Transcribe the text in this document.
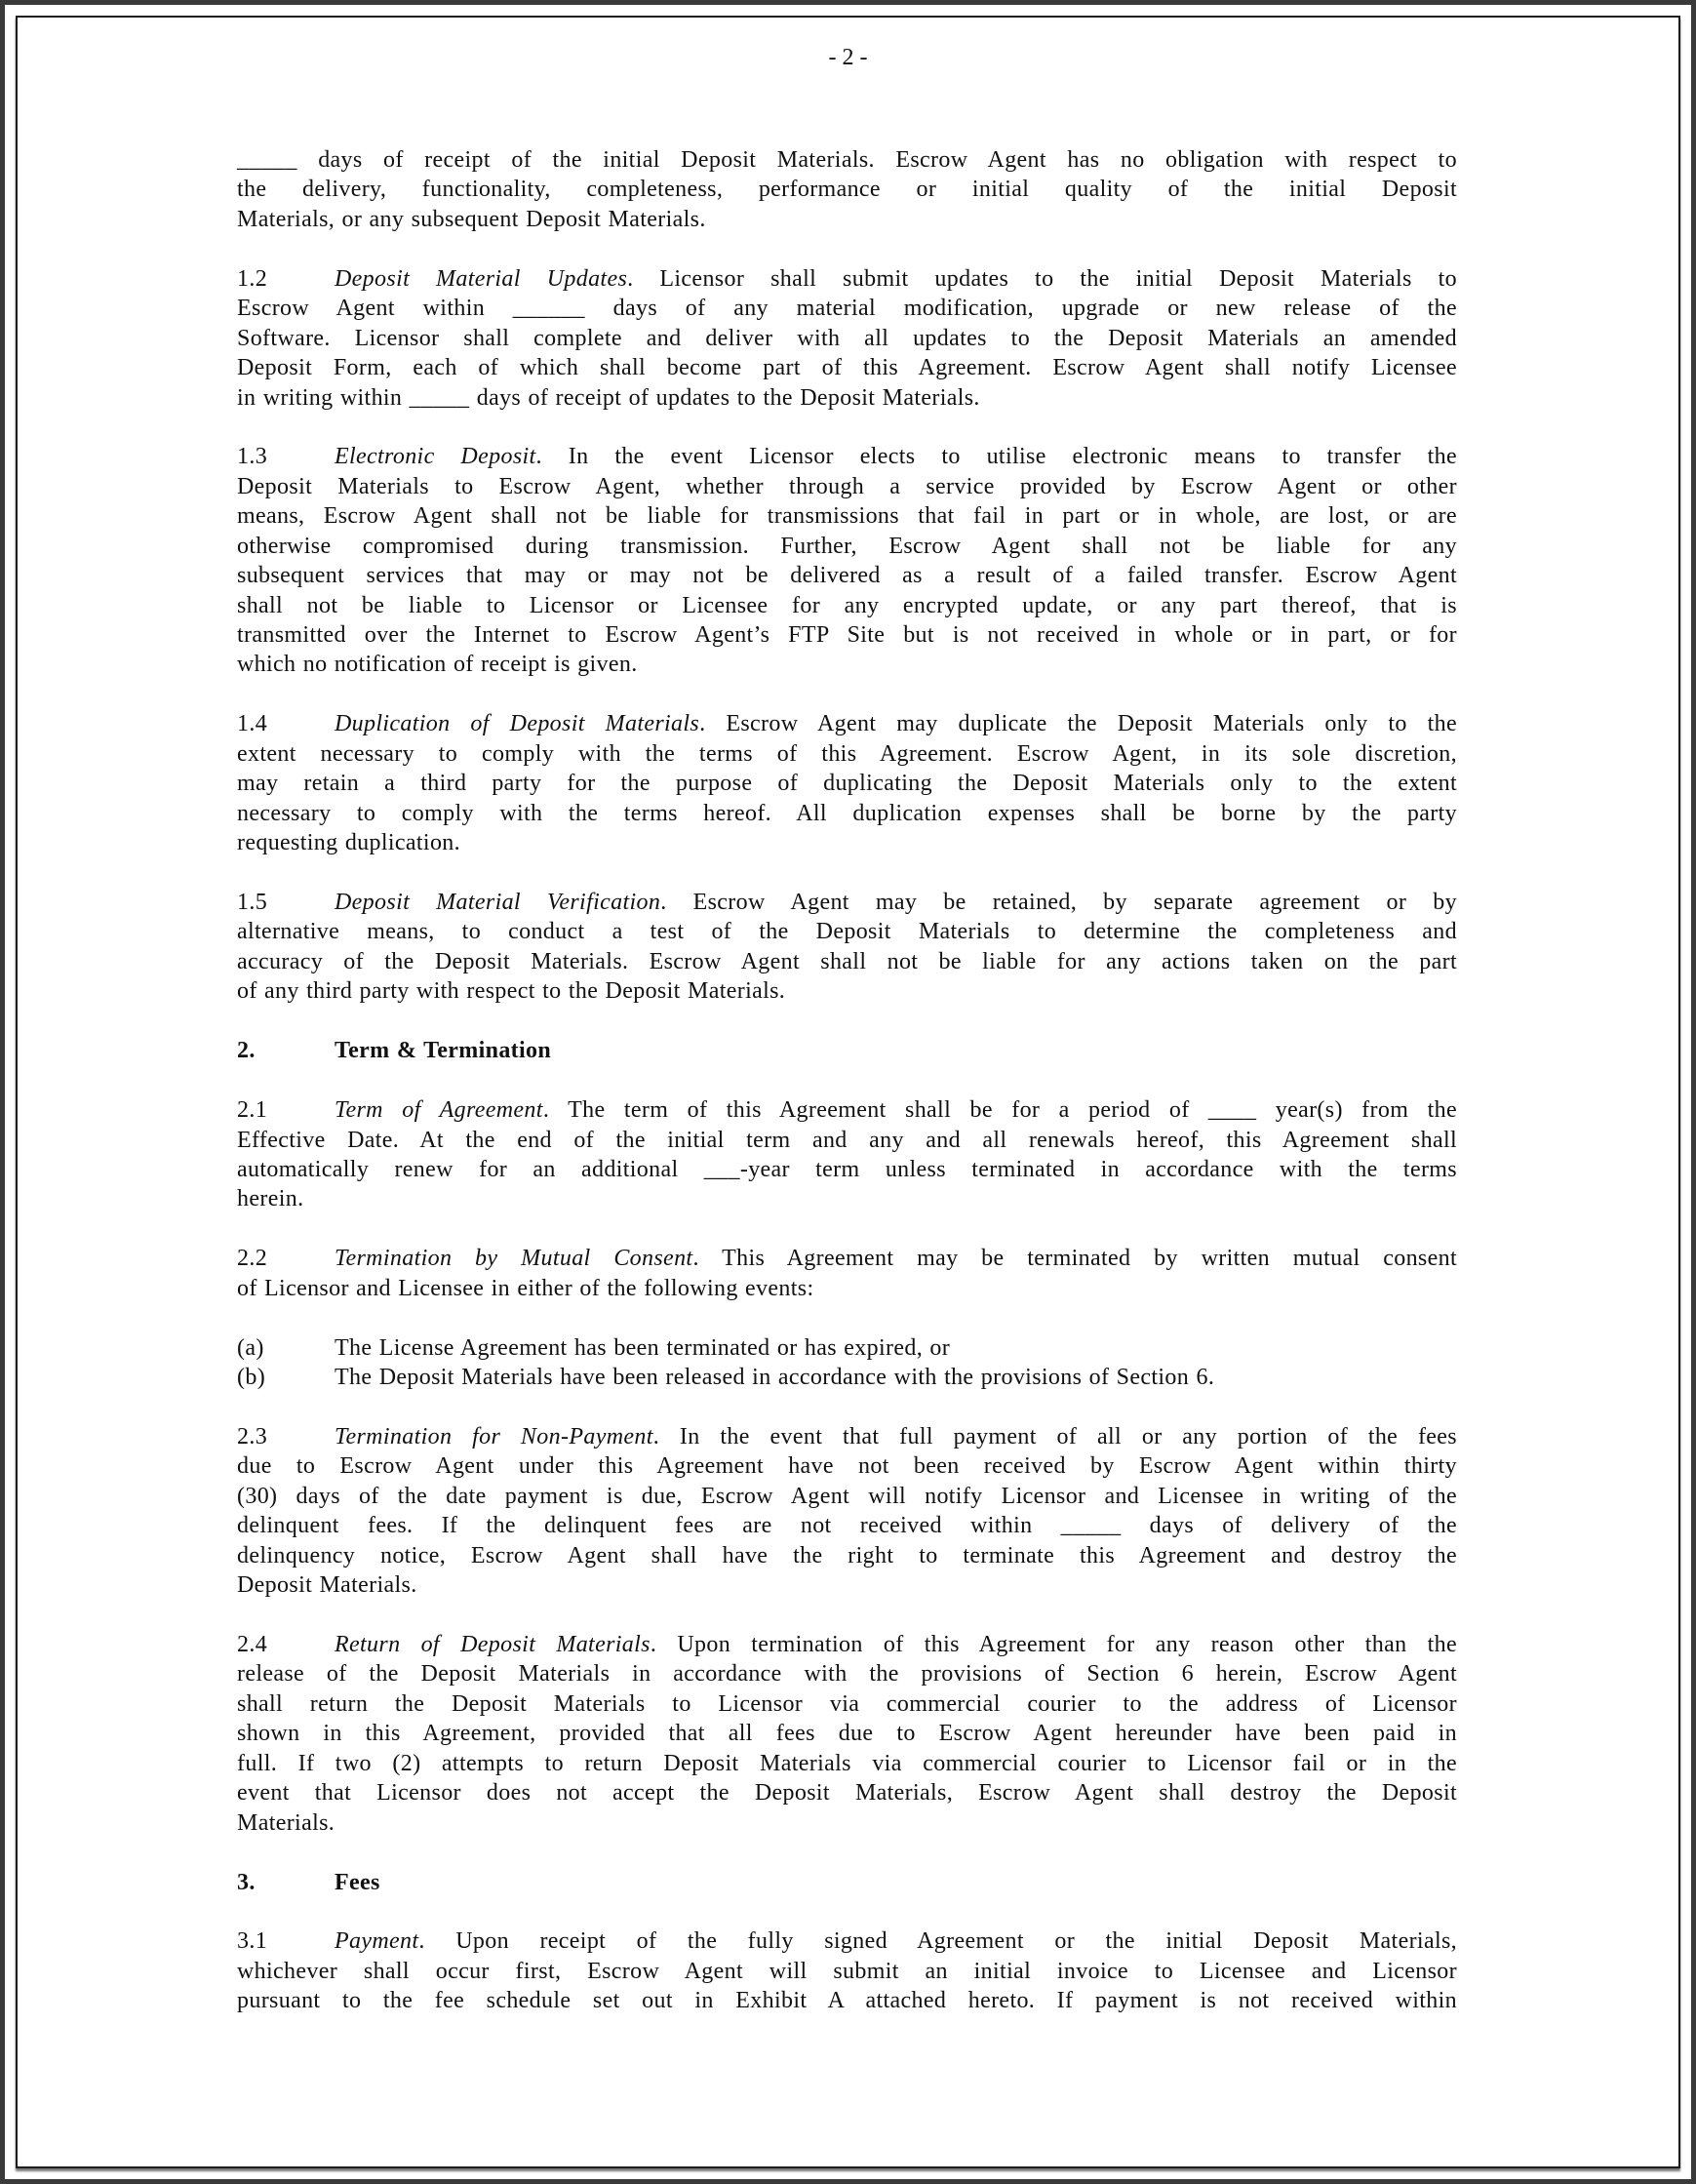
- 2 -
_____ days of receipt of the initial Deposit Materials. Escrow Agent has no obligation with respect to
the delivery, functionality, completeness, performance or initial quality of the initial Deposit
Materials, or any subsequent Deposit Materials.
1.2	Deposit Material Updates. Licensor shall submit updates to the initial Deposit Materials to
Escrow Agent within ______ days of any material modification, upgrade or new release of the
Software. Licensor shall complete and deliver with all updates to the Deposit Materials an amended
Deposit Form, each of which shall become part of this Agreement. Escrow Agent shall notify Licensee
in writing within _____ days of receipt of updates to the Deposit Materials.
1.3	Electronic Deposit. In the event Licensor elects to utilise electronic means to transfer the
Deposit Materials to Escrow Agent, whether through a service provided by Escrow Agent or other
means, Escrow Agent shall not be liable for transmissions that fail in part or in whole, are lost, or are
otherwise compromised during transmission. Further, Escrow Agent shall not be liable for any
subsequent services that may or may not be delivered as a result of a failed transfer. Escrow Agent
shall not be liable to Licensor or Licensee for any encrypted update, or any part thereof, that is
transmitted over the Internet to Escrow Agent’s FTP Site but is not received in whole or in part, or for
which no notification of receipt is given.
1.4	Duplication of Deposit Materials. Escrow Agent may duplicate the Deposit Materials only to the
extent necessary to comply with the terms of this Agreement. Escrow Agent, in its sole discretion,
may retain a third party for the purpose of duplicating the Deposit Materials only to the extent
necessary to comply with the terms hereof. All duplication expenses shall be borne by the party
requesting duplication.
1.5	Deposit Material Verification. Escrow Agent may be retained, by separate agreement or by
alternative means, to conduct a test of the Deposit Materials to determine the completeness and
accuracy of the Deposit Materials. Escrow Agent shall not be liable for any actions taken on the part
of any third party with respect to the Deposit Materials.
2.	Term & Termination
2.1	Term of Agreement. The term of this Agreement shall be for a period of ____ year(s) from the
Effective Date. At the end of the initial term and any and all renewals hereof, this Agreement shall
automatically renew for an additional ___-year term unless terminated in accordance with the terms
herein.
2.2	Termination by Mutual Consent. This Agreement may be terminated by written mutual consent
of Licensor and Licensee in either of the following events:
(a)	The License Agreement has been terminated or has expired, or
(b)	The Deposit Materials have been released in accordance with the provisions of Section 6.
2.3	Termination for Non-Payment. In the event that full payment of all or any portion of the fees
due to Escrow Agent under this Agreement have not been received by Escrow Agent within thirty
(30) days of the date payment is due, Escrow Agent will notify Licensor and Licensee in writing of the
delinquent fees. If the delinquent fees are not received within _____ days of delivery of the
delinquency notice, Escrow Agent shall have the right to terminate this Agreement and destroy the
Deposit Materials.
2.4	Return of Deposit Materials. Upon termination of this Agreement for any reason other than the
release of the Deposit Materials in accordance with the provisions of Section 6 herein, Escrow Agent
shall return the Deposit Materials to Licensor via commercial courier to the address of Licensor
shown in this Agreement, provided that all fees due to Escrow Agent hereunder have been paid in
full. If two (2) attempts to return Deposit Materials via commercial courier to Licensor fail or in the
event that Licensor does not accept the Deposit Materials, Escrow Agent shall destroy the Deposit
Materials.
3.	Fees
3.1	Payment. Upon receipt of the fully signed Agreement or the initial Deposit Materials,
whichever shall occur first, Escrow Agent will submit an initial invoice to Licensee and Licensor
pursuant to the fee schedule set out in Exhibit A attached hereto. If payment is not received within
